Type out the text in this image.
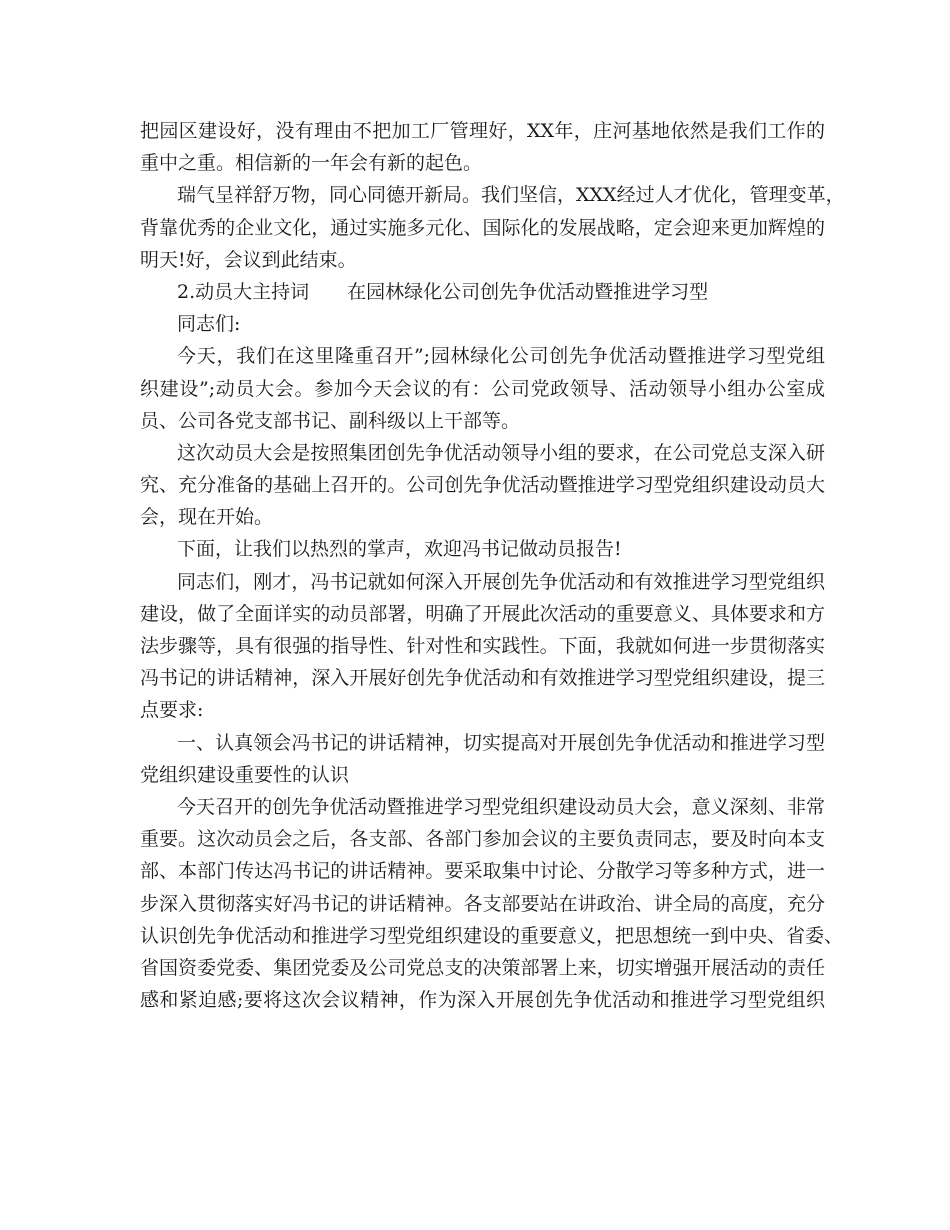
把园区建设好，没有理由不把加工厂管理好，XX年，庄河基地依然是我们工作的
重中之重。相信新的一年会有新的起色。
瑞气呈祥舒万物，同心同德开新局。我们坚信，XXX经过人才优化，管理变革，
背靠优秀的企业文化，通过实施多元化、国际化的发展战略，定会迎来更加辉煌的
明天!好，会议到此结束。
2.动员大主持词　　在园林绿化公司创先争优活动暨推进学习型
同志们:
今天，我们在这里隆重召开”;园林绿化公司创先争优活动暨推进学习型党组
织建设”;动员大会。参加今天会议的有：公司党政领导、活动领导小组办公室成
员、公司各党支部书记、副科级以上干部等。
这次动员大会是按照集团创先争优活动领导小组的要求，在公司党总支深入研
究、充分准备的基础上召开的。公司创先争优活动暨推进学习型党组织建设动员大
会，现在开始。
下面，让我们以热烈的掌声，欢迎冯书记做动员报告!
同志们，刚才，冯书记就如何深入开展创先争优活动和有效推进学习型党组织
建设，做了全面详实的动员部署，明确了开展此次活动的重要意义、具体要求和方
法步骤等，具有很强的指导性、针对性和实践性。下面，我就如何进一步贯彻落实
冯书记的讲话精神，深入开展好创先争优活动和有效推进学习型党组织建设，提三
点要求:
一、认真领会冯书记的讲话精神，切实提高对开展创先争优活动和推进学习型
党组织建设重要性的认识
今天召开的创先争优活动暨推进学习型党组织建设动员大会，意义深刻、非常
重要。这次动员会之后，各支部、各部门参加会议的主要负责同志，要及时向本支
部、本部门传达冯书记的讲话精神。要采取集中讨论、分散学习等多种方式，进一
步深入贯彻落实好冯书记的讲话精神。各支部要站在讲政治、讲全局的高度，充分
认识创先争优活动和推进学习型党组织建设的重要意义，把思想统一到中央、省委、
省国资委党委、集团党委及公司党总支的决策部署上来，切实增强开展活动的责任
感和紧迫感;要将这次会议精神，作为深入开展创先争优活动和推进学习型党组织
